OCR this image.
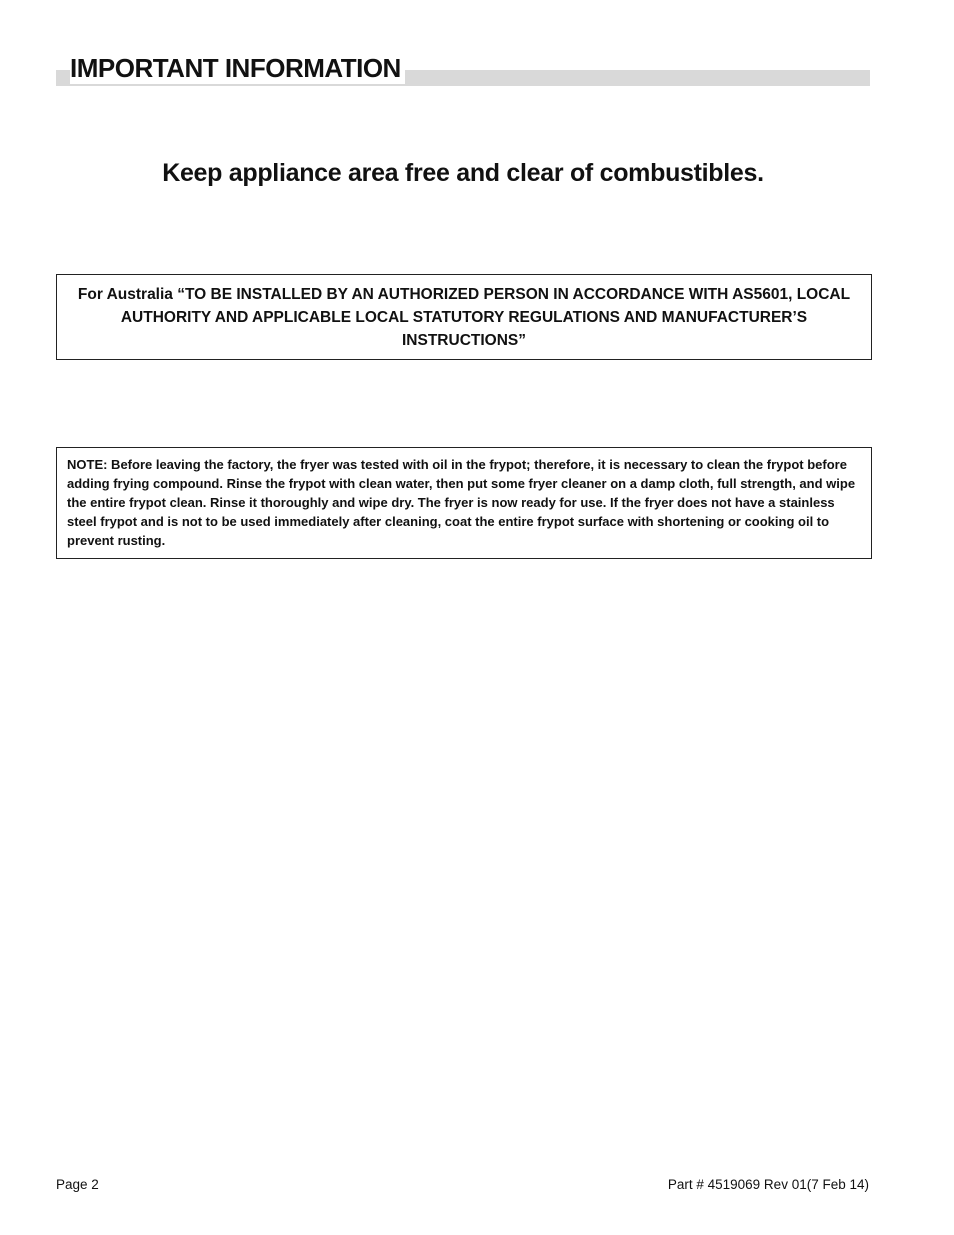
IMPORTANT INFORMATION
Keep appliance area free and clear of combustibles.
For Australia “TO BE INSTALLED BY AN AUTHORIZED PERSON IN ACCORDANCE WITH AS5601, LOCAL AUTHORITY AND APPLICABLE LOCAL STATUTORY REGULATIONS AND MANUFACTURER’S INSTRUCTIONS”
NOTE: Before leaving the factory, the fryer was tested with oil in the frypot; therefore, it is necessary to clean the frypot before adding frying compound. Rinse the frypot with clean water, then put some fryer cleaner on a damp cloth, full strength, and wipe the entire frypot clean. Rinse it thoroughly and wipe dry. The fryer is now ready for use. If the fryer does not have a stainless steel frypot and is not to be used immediately after cleaning, coat the entire frypot surface with shortening or cooking oil to prevent rusting.
Page 2	Part # 4519069 Rev 01(7 Feb 14)
